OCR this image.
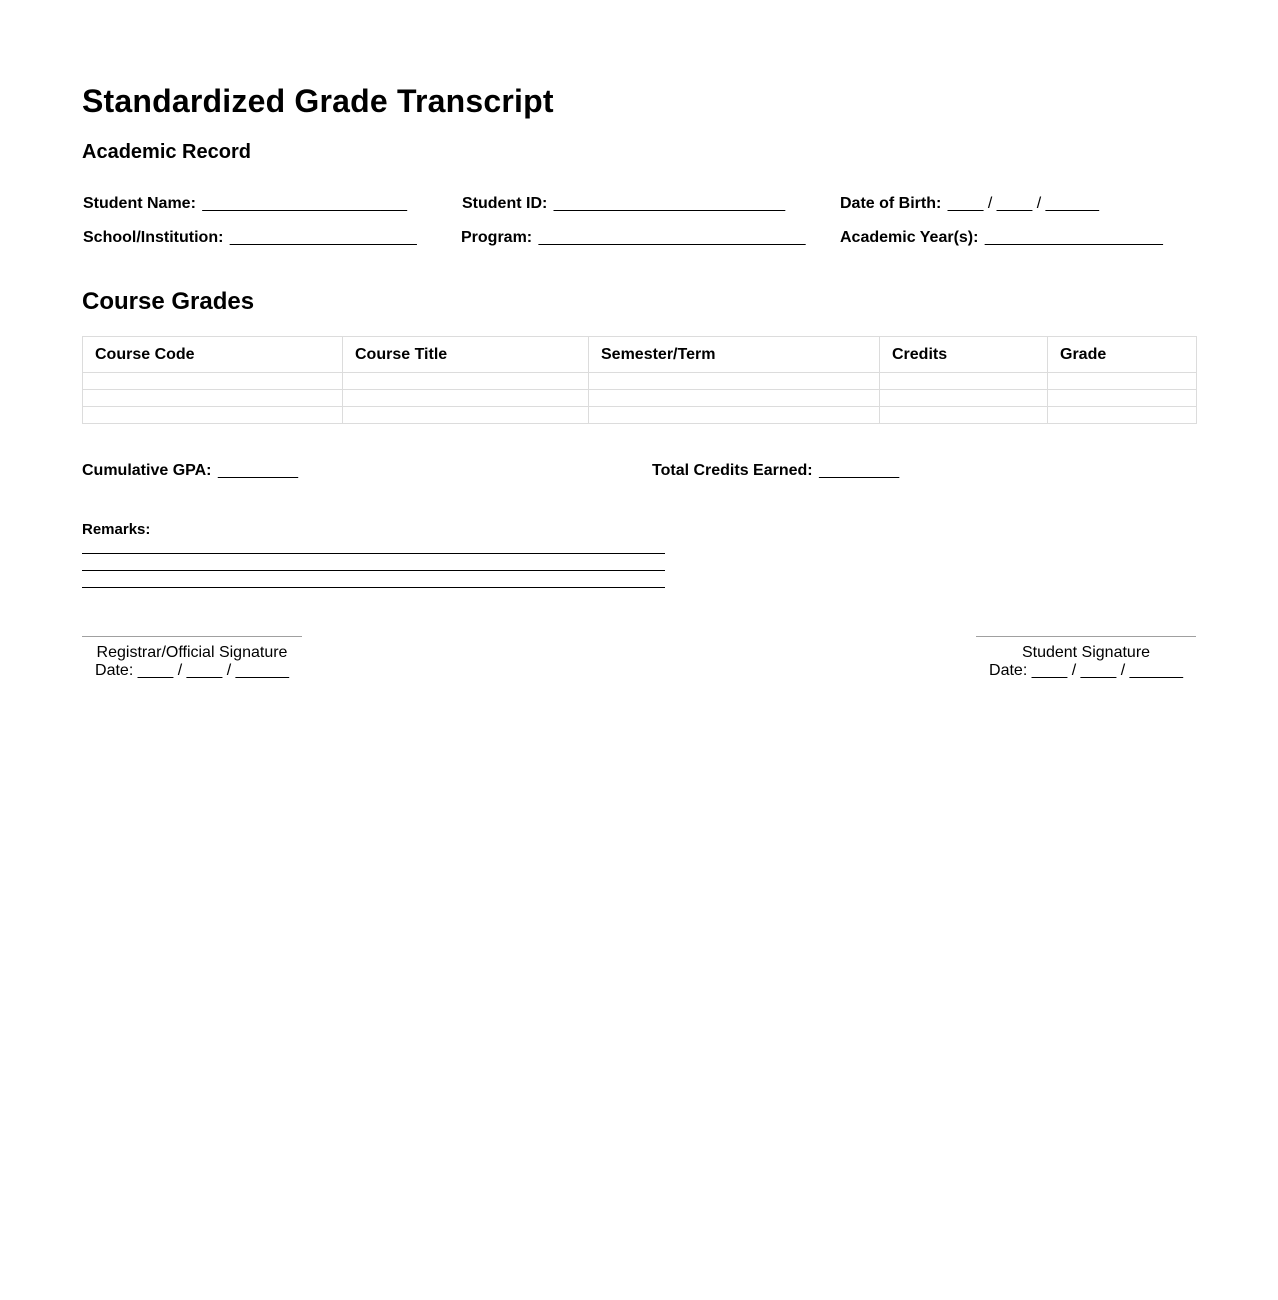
Standardized Grade Transcript
Academic Record
Student Name: _______________________	Student ID: __________________________	Date of Birth: ____ / ____ / ______
School/Institution: _____________________	Program: ______________________________ Academic Year(s): ____________________
Course Grades
Course Code	Course Title	Semester/Term	Credits	Grade

Cumulative GPA: _________	Total Credits Earned: _________
Remarks:
Registrar/Official Signature
Date: ____ / ____ / ______
Student Signature
Date: ____ / ____ / ______
